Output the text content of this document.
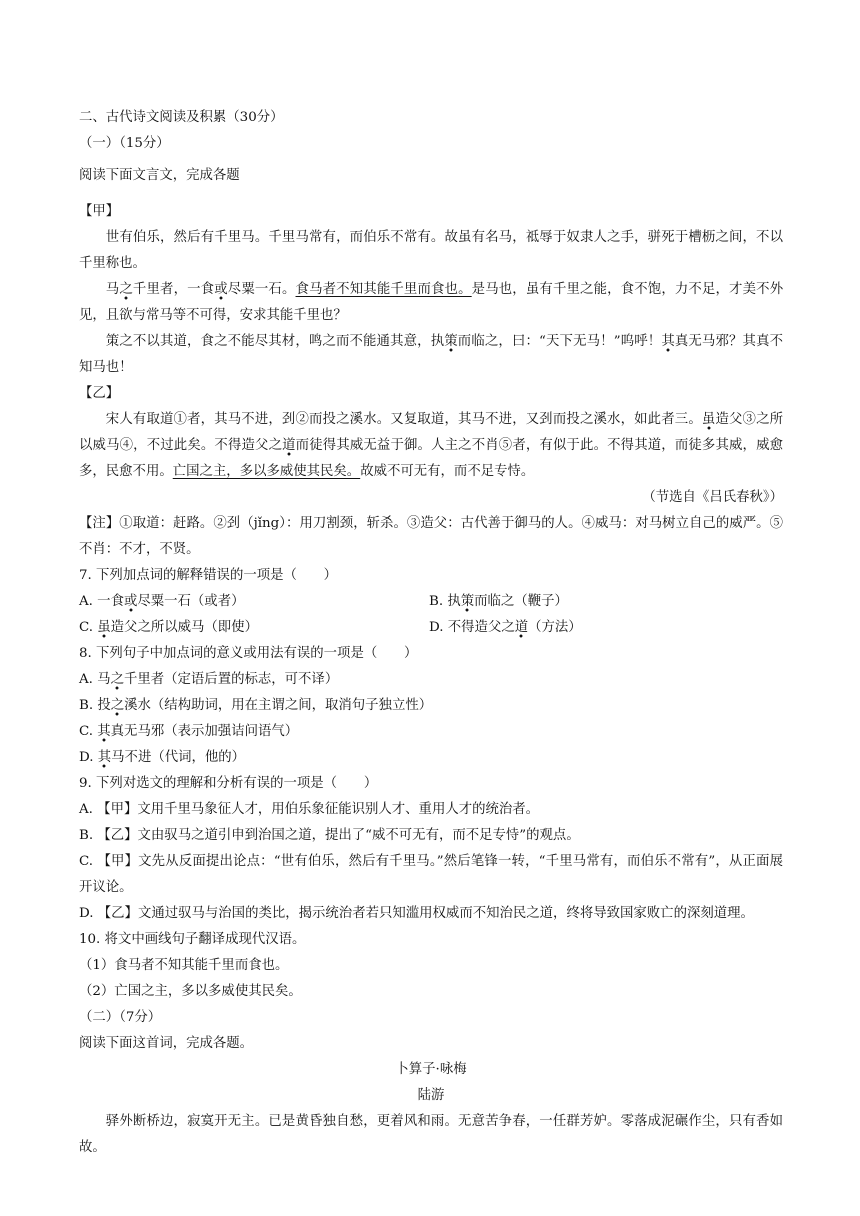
二、古代诗文阅读及积累（30分）
（一）（15分）
阅读下面文言文，完成各题
【甲】
世有伯乐，然后有千里马。千里马常有，而伯乐不常有。故虽有名马，祗辱于奴隶人之手，骈死于槽枥之间，不以千里称也。
马之千里者，一食或尽粟一石。食马者不知其能千里而食也。是马也，虽有千里之能，食不饱，力不足，才美不外见，且欲与常马等不可得，安求其能千里也？
策之不以其道，食之不能尽其材，鸣之而不能通其意，执策而临之，曰：“天下无马！”呜呼！其真无马邪？其真不知马也！
【乙】
宋人有取道①者，其马不进，刭②而投之溪水。又复取道，其马不进，又刭而投之溪水，如此者三。虽造父③之所以威马④，不过此矣。不得造父之道而徒得其威无益于御。人主之不肖⑤者，有似于此。不得其道，而徒多其威，威愈多，民愈不用。亡国之主，多以多威使其民矣。故威不可无有，而不足专恃。
（节选自《吕氏春秋》）
【注】①取道：赶路。②刭（jǐng）：用刀割颈，斩杀。③造父：古代善于御马的人。④威马：对马树立自己的威严。⑤不肖：不才，不贤。
7. 下列加点词的解释错误的一项是（　　）
A. 一食或尽粟一石（或者）	B. 执策而临之（鞭子）
C. 虽造父之所以威马（即使）	D. 不得造父之道（方法）
8. 下列句子中加点词的意义或用法有误的一项是（　　）
A. 马之千里者（定语后置的标志，可不译）
B. 投之溪水（结构助词，用在主谓之间，取消句子独立性）
C. 其真无马邪（表示加强诘问语气）
D. 其马不进（代词，他的）
9. 下列对选文的理解和分析有误的一项是（　　）
A. 【甲】文用千里马象征人才，用伯乐象征能识别人才、重用人才的统治者。
B. 【乙】文由驭马之道引申到治国之道，提出了“威不可无有，而不足专恃”的观点。
C. 【甲】文先从反面提出论点：“世有伯乐，然后有千里马。”然后笔锋一转，“千里马常有，而伯乐不常有”，从正面展开议论。
D. 【乙】文通过驭马与治国的类比，揭示统治者若只知滥用权威而不知治民之道，终将导致国家败亡的深刻道理。
10. 将文中画线句子翻译成现代汉语。
（1）食马者不知其能千里而食也。
（2）亡国之主，多以多威使其民矣。
（二）（7分）
阅读下面这首词，完成各题。
卜算子·咏梅
陆游
驿外断桥边，寂寞开无主。已是黄昏独自愁，更着风和雨。无意苦争春，一任群芳妒。零落成泥碾作尘，只有香如故。
